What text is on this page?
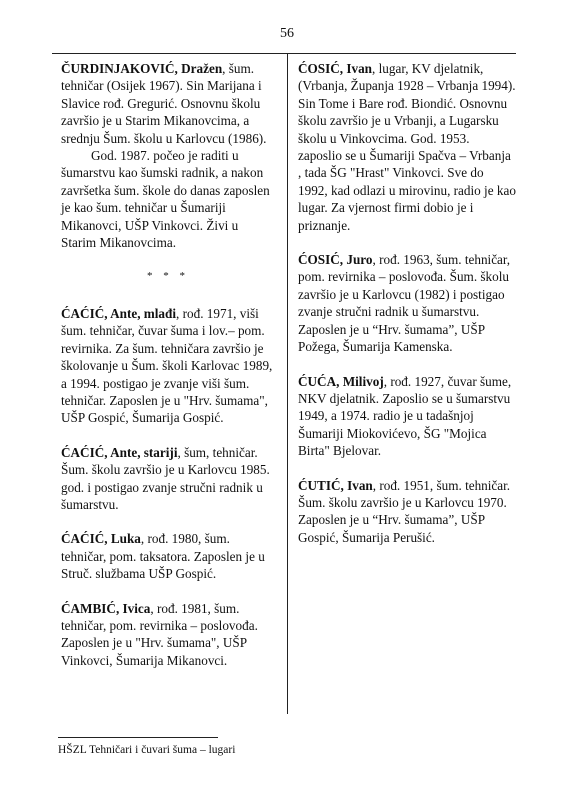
56

ČURDINJAKOVIĆ, Dražen, šum. tehničar (Osijek 1967). Sin Marijana i Slavice rođ. Gregurić. Osnovnu školu završio je u Starim Mikanovcima, a srednju Šum. školu u Karlovcu (1986).

God. 1987. počeo je raditi u šumarstvu kao šumski radnik, a nakon završetka šum. škole do danas zaposlen je kao šum. tehničar u Šumariji Mikanovci, UŠP Vinkovci. Živi u Starim Mikanovcima.

* * *

ĆAĆIĆ, Ante, mlađi, rođ. 1971, viši šum. tehničar, čuvar šuma i lov.– pom. revirnika. Za šum. tehničara završio je školovanje u Šum. školi Karlovac 1989, a 1994. postigao je zvanje viši šum. tehničar. Zaposlen je u "Hrv. šumama", UŠP Gospić, Šumarija Gospić.

ĆAĆIĆ, Ante, stariji, šum, tehničar. Šum. školu završio je u Karlovcu 1985. god. i postigao zvanje stručni radnik u šumarstvu.

ĆAĆIĆ, Luka, rođ. 1980, šum. tehničar, pom. taksatora. Zaposlen je u Struč. službama UŠP Gospić.

ĆAMBIĆ, Ivica, rođ. 1981, šum. tehničar, pom. revirnika – poslovođa. Zaposlen je u "Hrv. šumama", UŠP Vinkovci, Šumarija Mikanovci.

ĆOSIĆ, Ivan, lugar, KV djelatnik, (Vrbanja, Županja 1928 – Vrbanja 1994). Sin Tome i Bare rođ. Biondić. Osnovnu školu završio je u Vrbanji, a Lugarsku školu u Vinkovcima. God. 1953. zaposlio se u Šumariji Spačva – Vrbanja , tada ŠG "Hrast" Vinkovci. Sve do 1992, kad odlazi u mirovinu, radio je kao lugar. Za vjernost firmi dobio je i priznanje.

ĆOSIĆ, Juro, rođ. 1963, šum. tehničar, pom. revirnika – poslovođa. Šum. školu završio je u Karlovcu (1982) i postigao zvanje stručni radnik u šumarstvu. Zaposlen je u “Hrv. šumama”, UŠP Požega, Šumarija Kamenska.

ĆUĆA, Milivoj, rođ. 1927, čuvar šume, NKV djelatnik. Zaposlio se u šumarstvu 1949, a 1974. radio je u tadašnjoj Šumariji Miokovićevo, ŠG "Mojica Birta" Bjelovar.

ĆUTIĆ, Ivan, rođ. 1951, šum. tehničar. Šum. školu završio je u Karlovcu 1970. Zaposlen je u “Hrv. šumama”, UŠP Gospić, Šumarija Perušić.

HŠZL Tehničari i čuvari šuma – lugari
